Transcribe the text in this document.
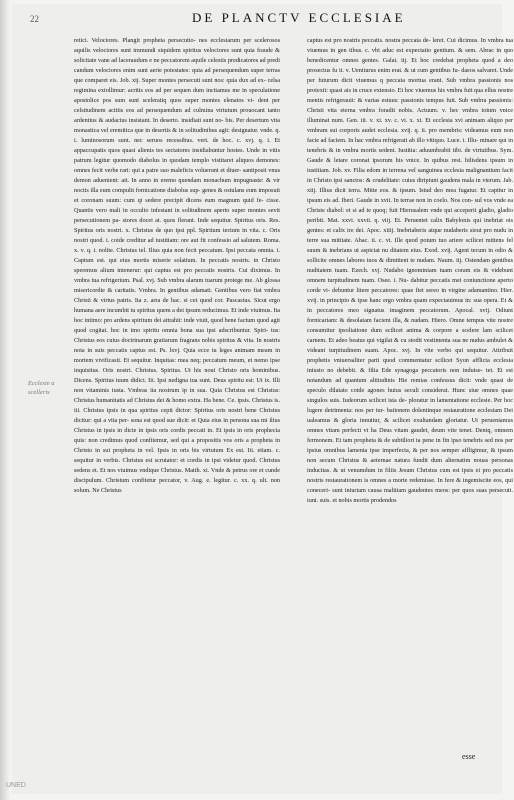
22	DE PLANCTV ECCLESIAE

retici. Velociores. Plangit propheta persecutio- nes ecclesiarum per scelerosos aquilis velociores sunt immundi siquidem spiritus velociores sunt quia fraude & solicitate vane ad laceraudum e ne peccatorem aquile celestis predicatores ad predi candum velociores enim sunt aerie potestates: quia ad persequendum super terras que comparet eis. Job. xij. Super montes persecuti sunt nos: quia dux ad ex- celsa regimina extollimur: acritis eos ad per sequen dum incitamus me in speculatione apostolice pos sum sunt sceleratiq quos super montes elenatos vi- dent per celsitudinem actitis eos ad persequendum ad culmina virtutum prouocant tanto ardentius & audacius insistant. In deserto. insidiati sunt no- bis. Per desertum vita monastica vel eremitica que in desertis & in solitudinibus agit: designatur. vnde. q. i. luminosorum sunt. nec seruos recessibus. vert. de hoc. c. xvj. q. i. Et appaccupatis quos quasi alienis tes sectatores insidiabuntur hostes. Unde in vitis patrum legitur quomodo diabolus in quodam templo vistitaret aliquos demones: omnes fecit verbe rari: qui a patre suo maleficis voluerunt et diuer- santiposit vnus demon aduenient: ait. In anno in eremo quendam monachum impugnaste: & vir noctis illa eum compulit fornicatione diabolus sup- genes & ostulans eum imposuit et coronam suum: cum qi sedere precipit dicens eum magnum quid fe- cisse. Quantis vero mali in occulto infestant in solitudinem aperto super montes sevit persecutionem pa- stores docei at. quos flerant. Inde sequitur. Spiritus oris. Res. Spiritus oris nostri. x. Christus de quo ipsi ppl. Spiritum tectum in vita. c. Oris nostri quod. i. coide creditur ad iustitiam: ore aut fit confessio ad salutem. Roma. x. v. q. i. nolite. Christus tel. Ilius quia non fecit peccatum. Ipsi peccata omnia. i. Captum est. qui eius mortis miserie solatium. In peccatis nostris. in Christo speremus alium intenerur: qui captus est pro peccatis nostris. Cui diximus. In vmbra tua refrigerium. Psal. xvj. Sub vmbra alarum tuarum protege me. Ab glossa misericordie & caritatis. Vmbra. In gentibus adamati. Gentibus vero fiat vmbra Christi & virtus patris. Ita z. arra de hac. si cet quod cor. Pascasius. Sicut ergo humana aere incumbit tu spiritus quem a dei ipsum reducimus. Et inde viuimus. Ita hoc intimo: pro ardens spiritum dei attrahit: inde viuit, quod bene factum quod agit quod cogitat. hoc in imo spiritu omnia bona sua ipsi adscribuntur. Spiri- tus: Christus eos cuius doctrinarum gratiarum fragrans nobis spiritus & vita. In nostris nota in suis peccatis captus est. Ps. lxvj. Quia ecce tu leges animam meam in mortem vivificasti. Et sequitur. Inquitas: mea neq; peccatum meum, et nemo ipse inquisitus. Oris nostri. Christus. Spiritus. Ut his noui Christo oris hominibus. Dicens. Spiritus tuum didici. Iii. Ipsi nedigna tua sunt. Deus spiritu est: Ut ix. Illi non vitaminis iusta. Vmbras ita nostrum ip in sua. Quia Christus est Christus: Christus humanitatis ad Christus dei & homo extra. Ha bene. Ce. ipsis. Christus is. iii. Christus ipsis in qua spiritus cepit dictor: Spiritus oris nostri bene Christus dicitur: qui a vita per- sona est quod sue dicit: et Quia eius in persona sua mi ilius Christus in ipsis in dicte in ipsis oris cordis peccati in. Et ipsis in oris prophecia quis: non credimus quod confitemur, sed qui a propositis vos oris a propheta in Christo in sui propheta in vel. Ipsis in oris bis virtutum Ex est. Iii. etiam. c. sequitur in verbis. Christus est scrutator: et cordis in ipsi videtur quod. Christus sedens et. Et nos viuimus vndique Christus. Matth. xi. Vnde & petrus ore et cunde discipulum. Christum confitetur peccator, v. Aug. e. legitur. c. xx. q. ult. non solum. Ne Christus

captus est pro nostris peccatis. nostra peccata de- leret. Cui dicimus. In vmbra tua viuemus in gen tibus. c. vbi aduc est expectatio gentium. & sem. Abrac in quo benedicentur omnes gentes. Galat. iij. Et hoc credebat propheta quod a deo prosectus fu it. v. Ueniturus enim erat. & ut cum gentibus Iu- daeos salvaret. Unde per futurum dicit viuemus q peccata mortua erant. Sub vmbra passionis nos protexit: quasi ais in cruce extensio. Et hoc viuemus his vmbra fuit qua ellus nostre mentis refrigerauit: & varias estuus: passionis tempus fuit. Sub vmbra passionis: Christi vita eterna vmbra foradit nobis. Actuum. v. hec vmbra totum vnice illuminat num. Gen. iii. v. xi. xv. c. vi. x. xi. Et ecclesia xvi animam aliquo per vmbram sui corporis audet ecclesia. xvij. q. ii. pro membris: videamus eum non facie ad faciem. In hac vmbra refrigerati ab illo vitiquo. Luce. i. Illu- minare qui in tenebris & in vmbra mortis sedent. Iustitia: aduumbrabit tibi. de virtutibus. Sym. Gaude & letare coronat ipsorum his vnice. In quibus rest. hilisdens ipsum in iustitiam. Job. xv. Filia edom in terrena vel sanguinea ecclesia malignantium facit in Christo ipsi sanctos: & crudelitate: cuius diripiunt gaudens mala in vterum. Jab. xiij. Illius dicit terra. Mitte eos. & ipsum. Istud deo mea fugatur. Et capitur in ipsum eis ad. Iberi. Gaude in xvii. In terrae non in coelo. Nos con- sul vos vnde ea Christe diabol: et si ad te quoq; fuit Hierusalem vnde qui acceperit gladio, gladio peribit. Mat. xxvi. xxvii. q. viij. Et. Peruentet calix Babylonis qui inebriat ois gentes: et calix ire dei. Apoc. xiiij. Inebriaberis atque nudaberis sieut pro nudu in terre sua mititate. Abac. ii. c. vi. Ille quod potum tuo ariere scilicet mittens fel suum & inebrians ut aspiciat nu ditatem eius. Exod. xvij. Agent tecum in odio & sollicite omnes labores tuos & dimittent te nudam. Naum. iij. Ostendam gentibus nuditatem tuam. Ezech. xvj. Nudabo ignominiam tuam coram eis & videbunt omnem turpitudinem tuam. Osee. i. Nu- dabitur peccatis mei coniunctione aperto corde vi- debuntur litere peccatores: quae fiet sereo in virgine adamantino. Hier. xvij. in principio & ipse hanc ergo vmbra quam expectauimus in: sua opera. Et & in peccatores meo signatus imaginem peccatorum. Apocal. xvij. Odiunt fornicariam: & desolatam facient illa, & nudam. Hiero. Omne tempus vite nostre consumitur ipsoliatione dum scilicet anima & corpore a scelere lam scilicet carnem. Et adeo beatus qui vigilat & cu stodit vestimenta sua ne nudus ambulet & videant turpitudinem suam. Apoc. xvj. In vite verbo qui sequitur. Attribuit prophetis vniuersaliter parti quod commentatur scilicet Syon afflicta ecclesia iniusto no debebit. & filia Ede synagoga peccatoris non induise- tet. Et est notandum ad quantum altitudinis Hie remias confessus dicit: vnde quasi de speculo dilatato coide agones huius seculi considerat. Hunc siue omnes quae singulos suis. Iudeorum scilicet ista de- ploratur in lamentatione ecclesie. Per hoc lugere detrimenta: nos per tur- bationem dolentinque restauratione ecclesiam Dei ualeamus & gloria innuitur, & scilicet exultandam gloriatur. Ut perueniamus omnes vitam perfecti vt ha Deus vitam gaudet, deum vite tenet. Deniq, omnem fermonem. Et tam propheta & de subtiliori ta pene in fin ipso tenebris sed nos per ipsius omnibus lamenta ipse imperfecta, & per nos semper affligimur, & ipsum non secum Christus & aeternae natura fundit dum alternatim nouas personas inducitas. & ut venumdum in filiis Jesum Christus cum est ipsis ei pro peccatis nostris restaurationem is omnes a morte redemisse. In fere & ingemiscite eos, qui coneceri- sunt iniuriam causa malitiam gaudentes meos: per quos suas persecuti. iuni. suis. et nobis mortis prodendos

Ecclesie a scelleris
esse
UNED
